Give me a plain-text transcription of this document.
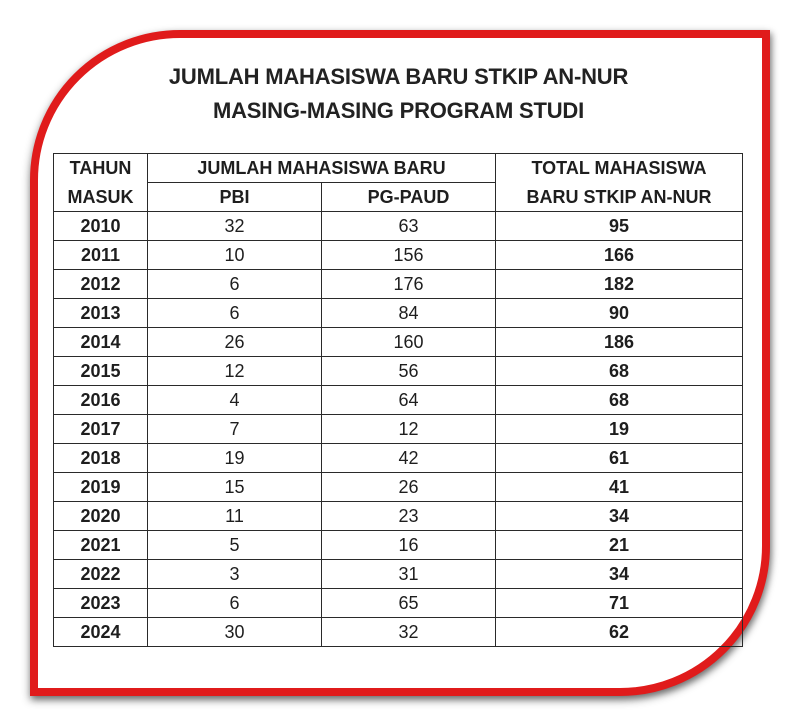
JUMLAH MAHASISWA BARU STKIP AN-NUR
MASING-MASING PROGRAM STUDI
TAHUN	JUMLAH MAHASISWA BARU		TOTAL MAHASISWA
MASUK	PBI	PG-PAUD	BARU STKIP AN-NUR
2010	32	63	95
2011	10	156	166
2012	6	176	182
2013	6	84	90
2014	26	160	186
2015	12	56	68
2016	4	64	68
2017	7	12	19
2018	19	42	61
2019	15	26	41
2020	11	23	34
2021	5	16	21
2022	3	31	34
2023	6	65	71
2024	30	32	62
